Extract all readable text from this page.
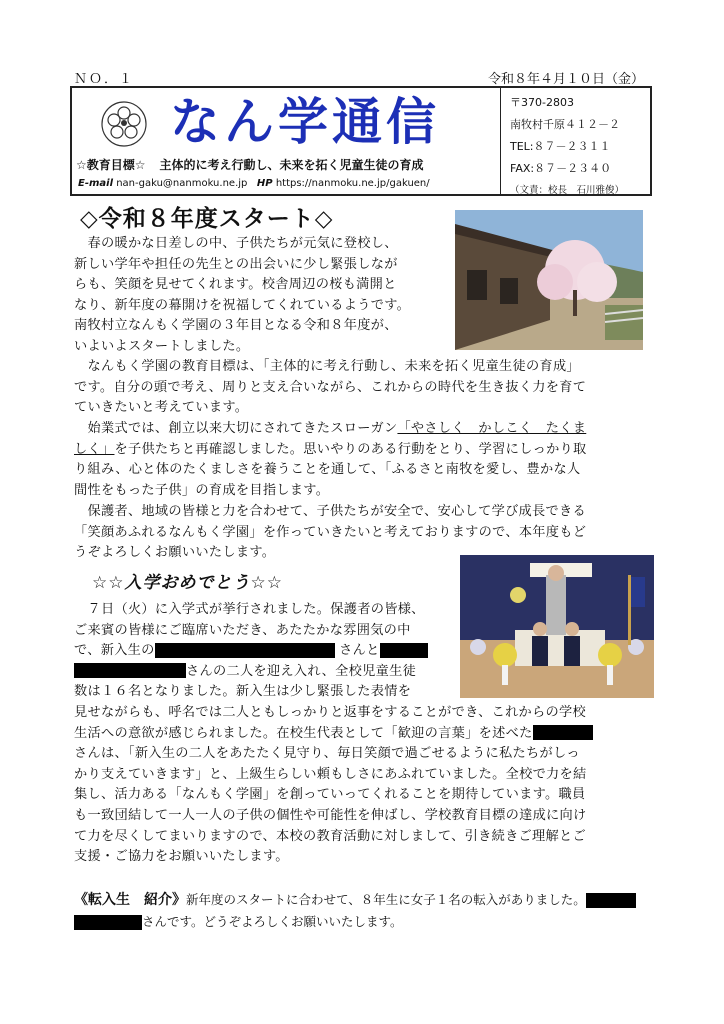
ＮＯ．１	令和８年４月１０日（金）
なん学通信
☆教育目標☆ 主体的に考え行動し、未来を拓く児童生徒の育成
E-mail nan-gaku@nanmoku.ne.jp HP https://nanmoku.ne.jp/gakuen/
〒370-2803
南牧村千原４１２－２
TEL:８７－２３１１
FAX:８７－２３４０
（文責：校長　石川雅俊）
◇令和８年度スタート◇
　春の暖かな日差しの中、子供たちが元気に登校し、
新しい学年や担任の先生との出会いに少し緊張しなが
らも、笑顔を見せてくれます。校舎周辺の桜も満開と
なり、新年度の幕開けを祝福してくれているようです。
南牧村立なんもく学園の３年目となる令和８年度が、
いよいよスタートしました。
　なんもく学園の教育目標は、「主体的に考え行動し、未来を拓く児童生徒の育成」
です。自分の頭で考え、周りと支え合いながら、これからの時代を生き抜く力を育て
ていきたいと考えています。
　始業式では、創立以来大切にされてきたスローガン「やさしく　かしこく　たくま
しく」を子供たちと再確認しました。思いやりのある行動をとり、学習にしっかり取
り組み、心と体のたくましさを養うことを通して、「ふるさと南牧を愛し、豊かな人
間性をもった子供」の育成を目指します。
　保護者、地域の皆様と力を合わせて、子供たちが安全で、安心して学び成長できる
「笑顔あふれるなんもく学園」を作っていきたいと考えておりますので、本年度もど
うぞよろしくお願いいたします。
☆☆入学おめでとう☆☆
　７日（火）に入学式が挙行されました。保護者の皆様、
ご来賓の皆様にご臨席いただき、あたたかな雰囲気の中
で、新入生の	さんと
さんの二人を迎え入れ、全校児童生徒
数は１６名となりました。新入生は少し緊張した表情を
見せながらも、呼名では二人ともしっかりと返事をすることができ、これからの学校
生活への意欲が感じられました。在校生代表として「歓迎の言葉」を述べた
さんは、「新入生の二人をあたたく見守り、毎日笑顔で過ごせるように私たちがしっ
かり支えていきます」と、上級生らしい頼もしさにあふれていました。全校で力を結
集し、活力ある「なんもく学園」を創っていってくれることを期待しています。職員
も一致団結して一人一人の子供の個性や可能性を伸ばし、学校教育目標の達成に向け
て力を尽くしてまいりますので、本校の教育活動に対しまして、引き続きご理解とご
支援・ご協力をお願いいたします。
《転入生　紹介》新年度のスタートに合わせて、８年生に女子１名の転入がありました。
さんです。どうぞよろしくお願いいたします。
